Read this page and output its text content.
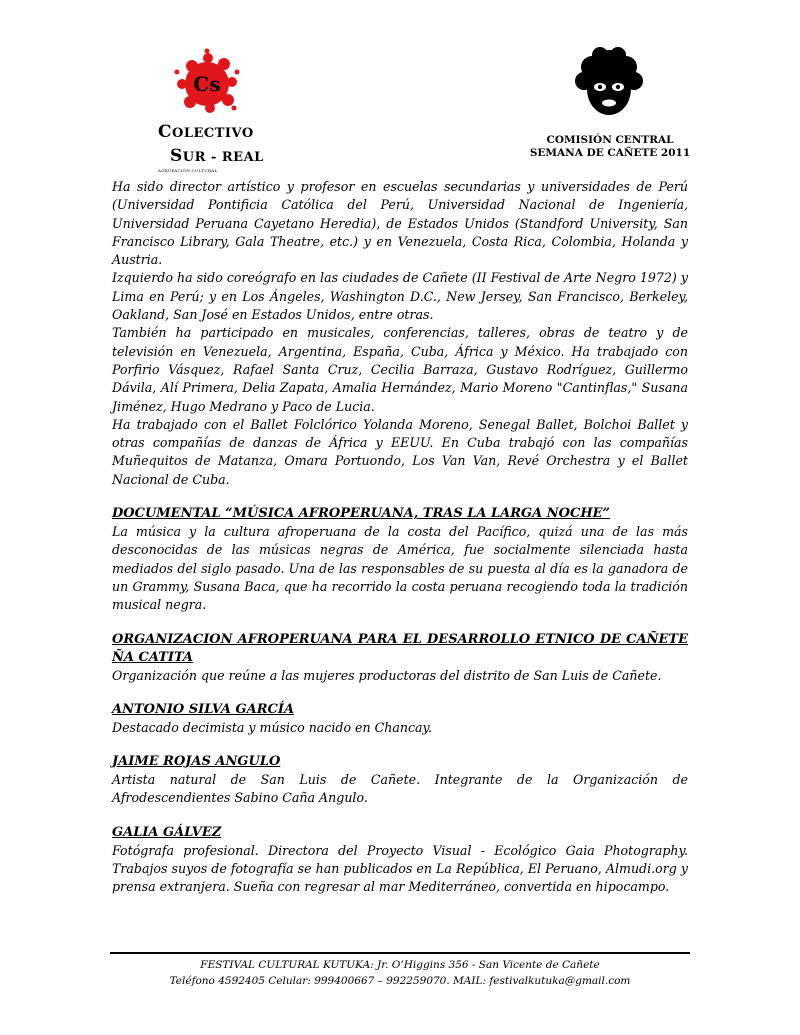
Cs
COLECTIVO
SUR - REAL
AGRUPACIÓN CULTURAL
COMISIÓN CENTRAL
SEMANA DE CAÑETE 2011

Ha sido director artístico y profesor en escuelas secundarias y universidades de Perú (Universidad Pontificia Católica del Perú, Universidad Nacional de Ingeniería, Universidad Peruana Cayetano Heredia), de Estados Unidos (Standford University, San Francisco Library, Gala Theatre, etc.) y en Venezuela, Costa Rica, Colombia, Holanda y Austria.

Izquierdo ha sido coreógrafo en las ciudades de Cañete (II Festival de Arte Negro 1972) y Lima en Perú; y en Los Ángeles, Washington D.C., New Jersey, San Francisco, Berkeley, Oakland, San José en Estados Unidos, entre otras.

También ha participado en musicales, conferencias, talleres, obras de teatro y de televisión en Venezuela, Argentina, España, Cuba, África y México. Ha trabajado con Porfirio Vásquez, Rafael Santa Cruz, Cecilia Barraza, Gustavo Rodríguez, Guillermo Dávila, Alí Primera, Delia Zapata, Amalia Hernández, Mario Moreno "Cantinflas," Susana Jiménez, Hugo Medrano y Paco de Lucia.

Ha trabajado con el Ballet Folclórico Yolanda Moreno, Senegal Ballet, Bolchoi Ballet y otras compañías de danzas de África y EEUU. En Cuba trabajó con las compañías Muñequitos de Matanza, Omara Portuondo, Los Van Van, Revé Orchestra y el Ballet Nacional de Cuba.

DOCUMENTAL “MÚSICA AFROPERUANA, TRAS LA LARGA NOCHE”

La música y la cultura afroperuana de la costa del Pacífico, quizá una de las más desconocidas de las músicas negras de América, fue socialmente silenciada hasta mediados del siglo pasado. Una de las responsables de su puesta al día es la ganadora de un Grammy, Susana Baca, que ha recorrido la costa peruana recogiendo toda la tradición musical negra.

ORGANIZACION AFROPERUANA PARA EL DESARROLLO ETNICO DE CAÑETE ÑA CATITA

Organización que reúne a las mujeres productoras del distrito de San Luis de Cañete.

ANTONIO SILVA GARCÍA

Destacado decimista y músico nacido en Chancay.

JAIME ROJAS ANGULO

Artista natural de San Luis de Cañete. Integrante de la Organización de Afrodescendientes Sabino Caña Angulo.

GALIA GÁLVEZ

Fotógrafa profesional. Directora del Proyecto Visual - Ecológico Gaia Photography. Trabajos suyos de fotografía se han publicados en La República, El Peruano, Almudi.org y prensa extranjera. Sueña con regresar al mar Mediterráneo, convertida en hipocampo.

FESTIVAL CULTURAL KUTUKA: Jr. O’Higgins 356 - San Vicente de Cañete
Teléfono 4592405 Celular: 999400667 – 992259070. MAIL: festivalkutuka@gmail.com
